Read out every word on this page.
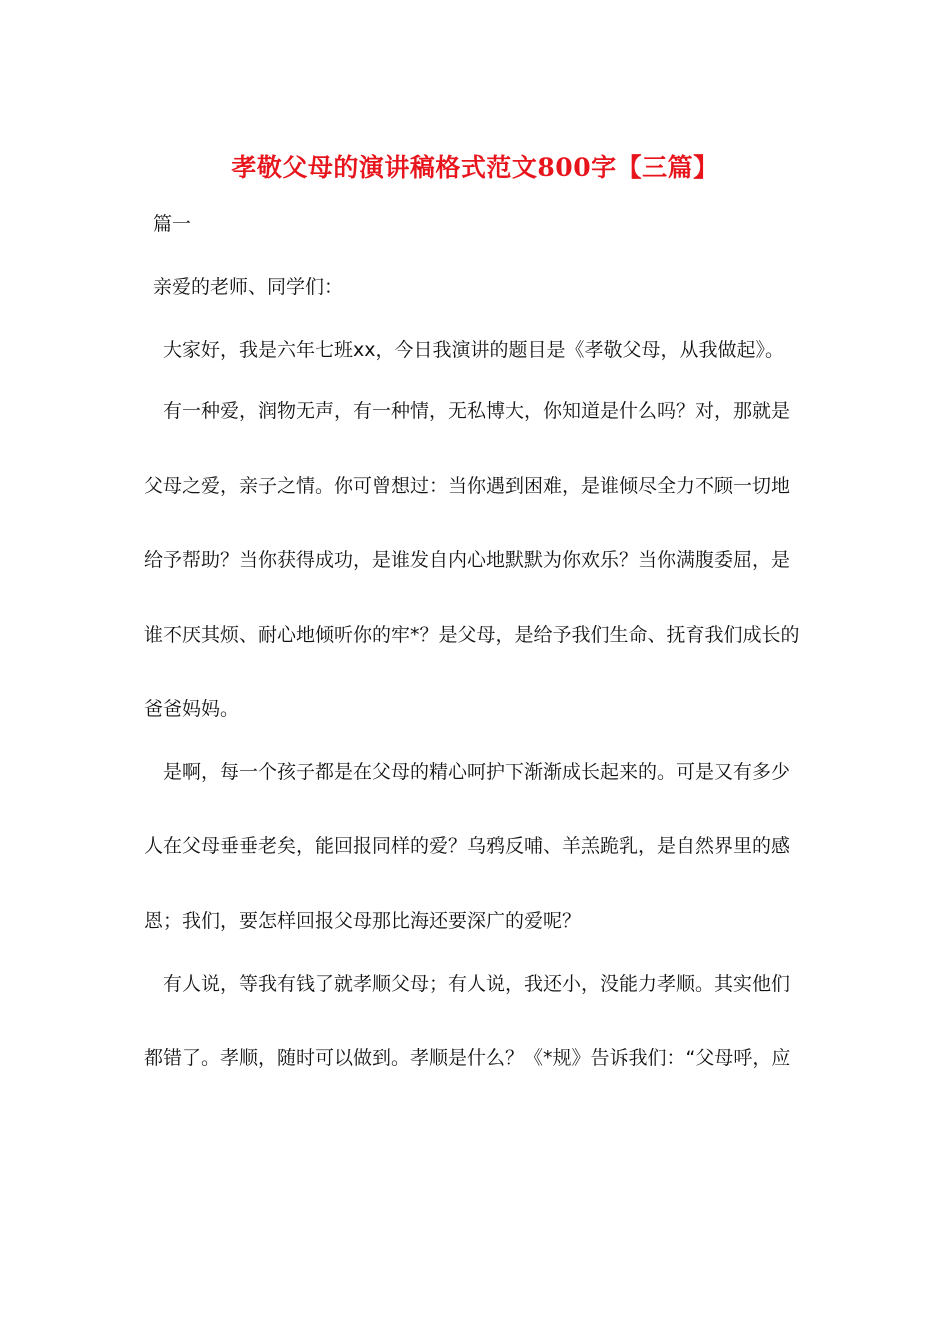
孝敬父母的演讲稿格式范文800字【三篇】
篇一
亲爱的老师、同学们：
大家好，我是六年七班xx，今日我演讲的题目是《孝敬父母，从我做起》。
有一种爱，润物无声，有一种情，无私博大，你知道是什么吗？对，那就是
父母之爱，亲子之情。你可曾想过：当你遇到困难，是谁倾尽全力不顾一切地
给予帮助？当你获得成功，是谁发自内心地默默为你欢乐？当你满腹委屈，是
谁不厌其烦、耐心地倾听你的牢*？是父母，是给予我们生命、抚育我们成长的
爸爸妈妈。
是啊，每一个孩子都是在父母的精心呵护下渐渐成长起来的。可是又有多少
人在父母垂垂老矣，能回报同样的爱？乌鸦反哺、羊羔跪乳，是自然界里的感
恩；我们，要怎样回报父母那比海还要深广的爱呢？
有人说，等我有钱了就孝顺父母；有人说，我还小，没能力孝顺。其实他们
都错了。孝顺，随时可以做到。孝顺是什么？《*规》告诉我们：“父母呼，应
